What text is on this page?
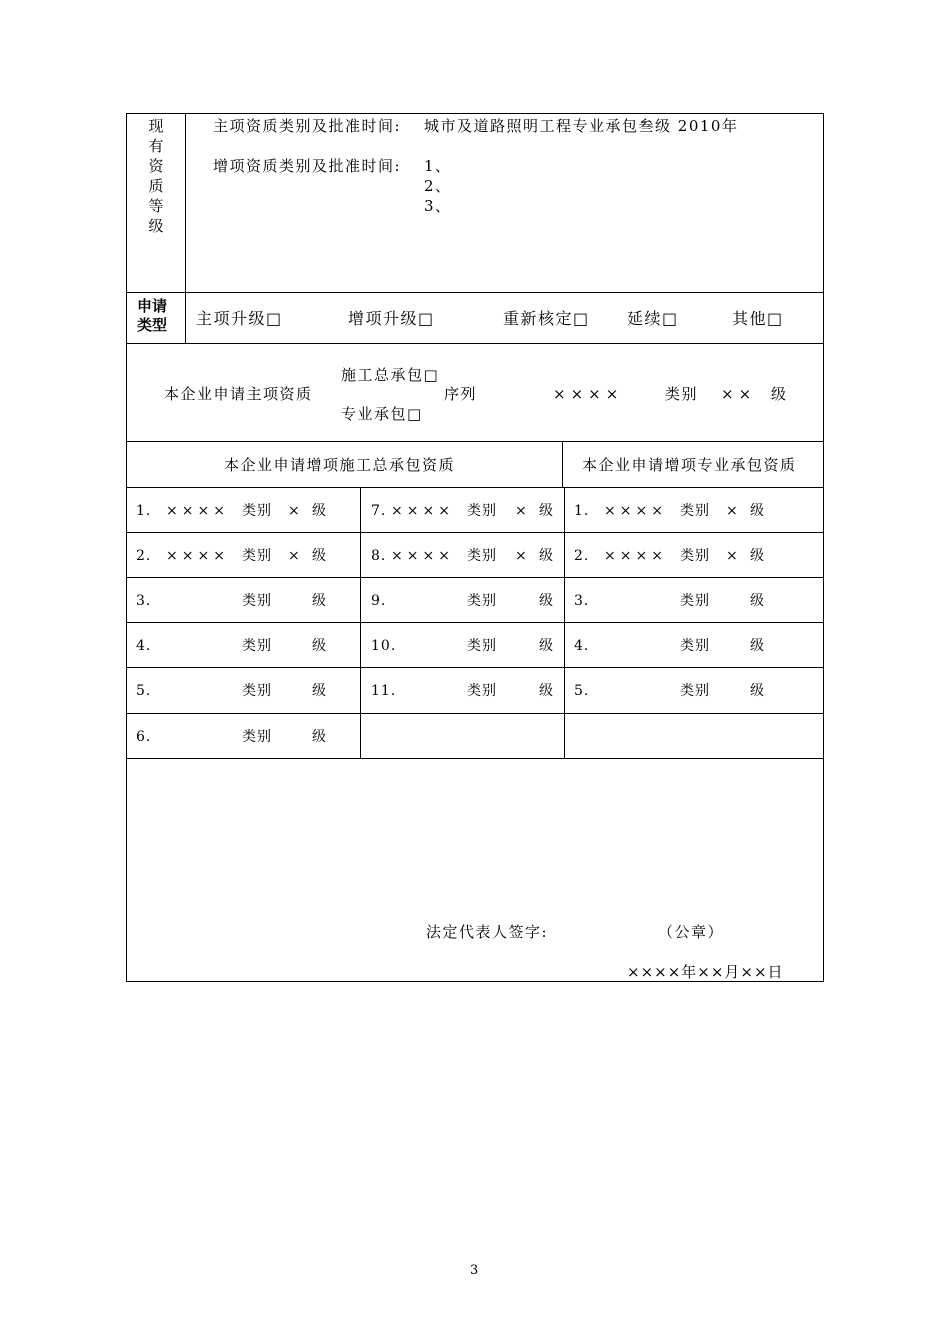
现
有
资
质
等
级
主项资质类别及批准时间: 城市及道路照明工程专业承包叁级 2010年
增项资质类别及批准时间: 1、
2、
3、
申请
类型 主项升级□	增项升级□	重新核定□ 延续□	其他□
本企业申请主项资质
施工总承包□
专业承包□
序列	××××	类别 ×× 级
本企业申请增项施工总承包资质	本企业申请增项专业承包资质
1. ×××× 类别 × 级	7. ×××× 类别 × 级 1. ×××× 类别 × 级
2. ×××× 类别 × 级	8. ×××× 类别 × 级 2. ×××× 类别 × 级
3.	类别	级	9.	类别	级 3.	类别	级
4.	类别	级	10.	类别	级 4.	类别	级
5.	类别	级	11.	类别	级 5.	类别	级
6.	类别	级
法定代表人签字:	（公章）
××××年××月××日
3
